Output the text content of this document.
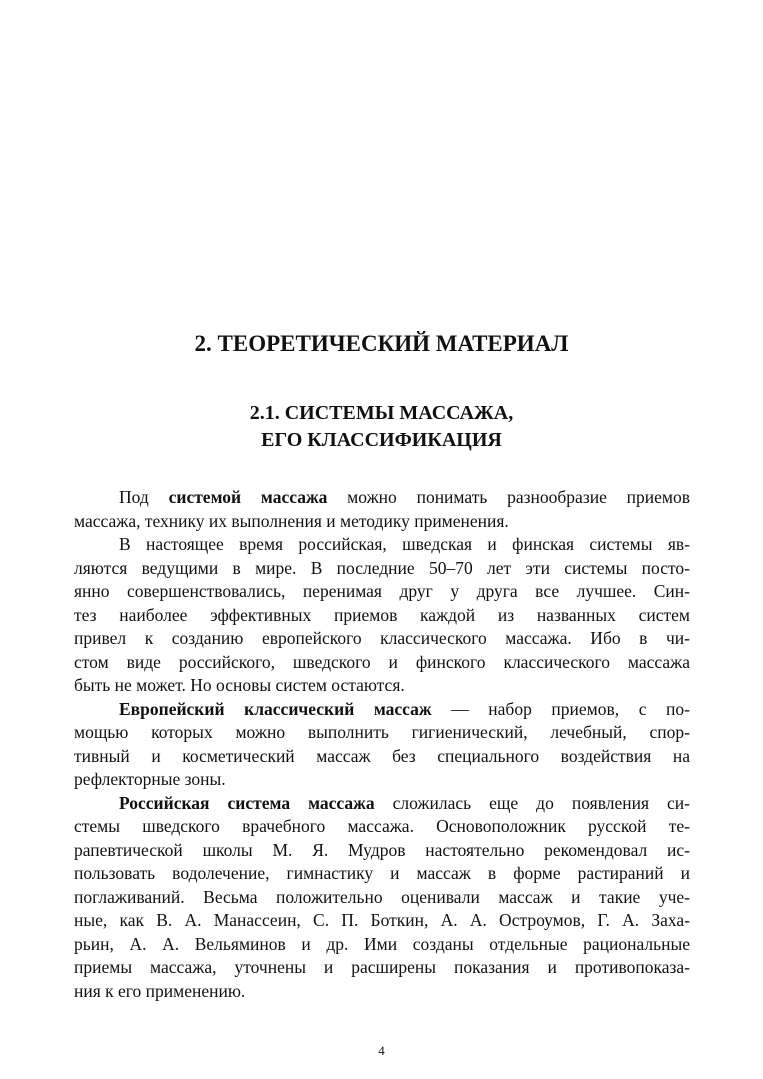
2. ТЕОРЕТИЧЕСКИЙ МАТЕРИАЛ
2.1. СИСТЕМЫ МАССАЖА,
ЕГО КЛАССИФИКАЦИЯ
Под системой массажа можно понимать разнообразие приемов
массажа, технику их выполнения и методику применения.
В настоящее время российская, шведская и финская системы яв-
ляются ведущими в мире. В последние 50–70 лет эти системы посто-
янно совершенствовались, перенимая друг у друга все лучшее. Син-
тез наиболее эффективных приемов каждой из названных систем
привел к созданию европейского классического массажа. Ибо в чи-
стом виде российского, шведского и финского классического массажа
быть не может. Но основы систем остаются.
Европейский классический массаж — набор приемов, с по-
мощью которых можно выполнить гигиенический, лечебный, спор-
тивный и косметический массаж без специального воздействия на
рефлекторные зоны.
Российская система массажа сложилась еще до появления си-
стемы шведского врачебного массажа. Основоположник русской те-
рапевтической школы М. Я. Мудров настоятельно рекомендовал ис-
пользовать водолечение, гимнастику и массаж в форме растираний и
поглаживаний. Весьма положительно оценивали массаж и такие уче-
ные, как В. А. Манассеин, С. П. Боткин, А. А. Остроумов, Г. А. Заха-
рьин, А. А. Вельяминов и др. Ими созданы отдельные рациональные
приемы массажа, уточнены и расширены показания и противопоказа-
ния к его применению.
4
